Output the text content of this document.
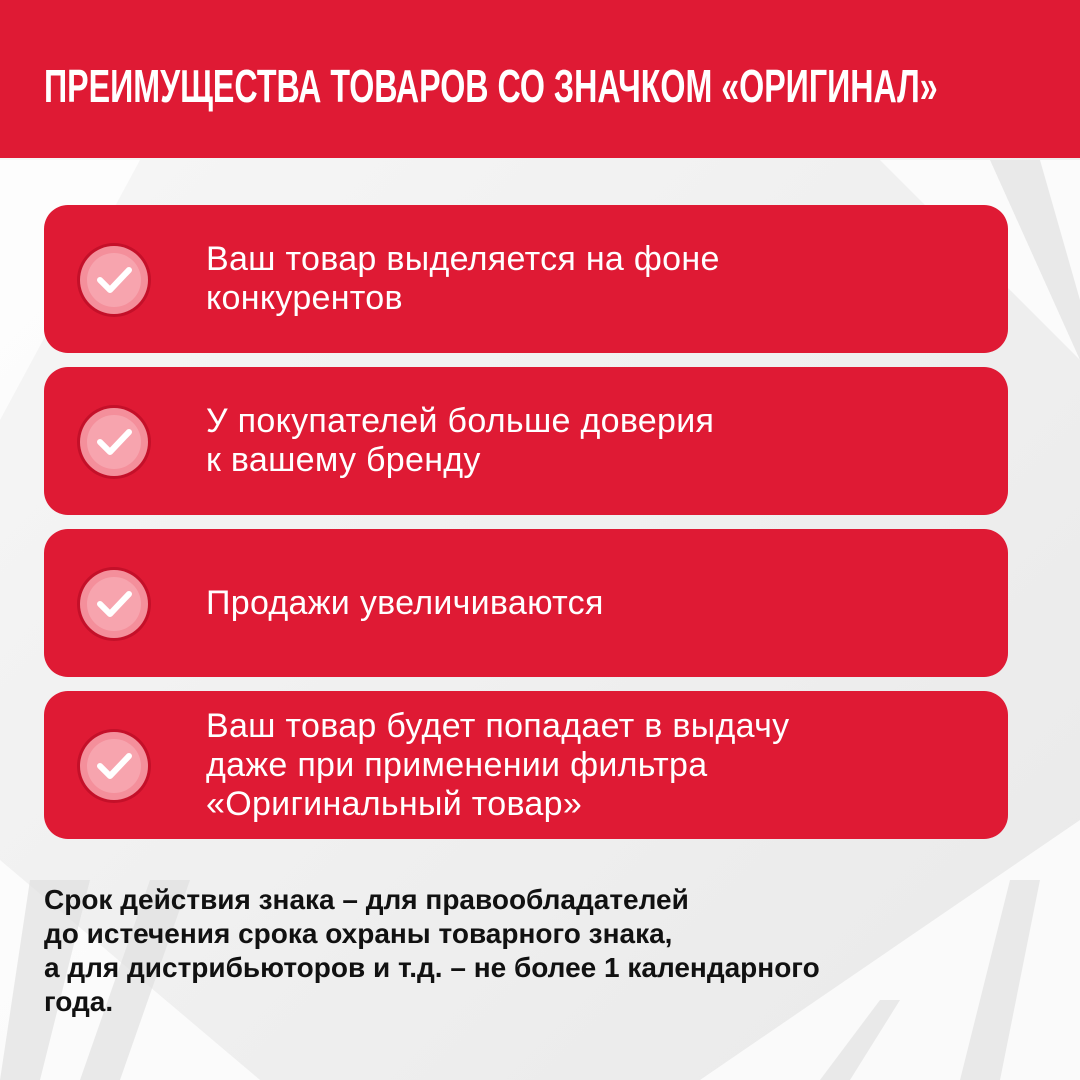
ПРЕИМУЩЕСТВА ТОВАРОВ СО ЗНАЧКОМ «ОРИГИНАЛ»
Ваш товар выделяется на фоне
конкурентов
У покупателей больше доверия
к вашему бренду
Продажи увеличиваются
Ваш товар будет попадает в выдачу
даже при применении фильтра
«Оригинальный товар»
Срок действия знака – для правообладателей
до истечения срока охраны товарного знака,
а для дистрибьюторов и т.д. – не более 1 календарного
года.
